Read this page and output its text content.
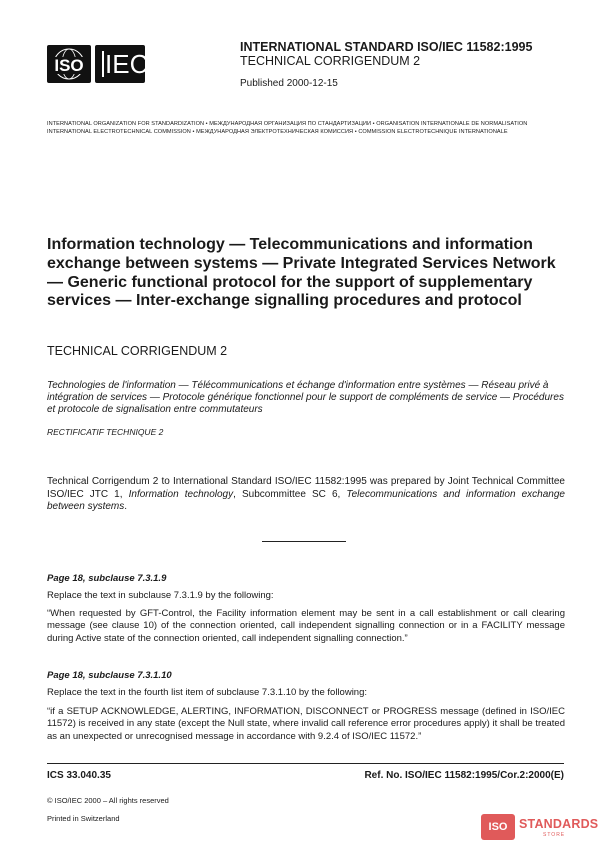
ISO IEC
INTERNATIONAL STANDARD ISO/IEC 11582:1995
TECHNICAL CORRIGENDUM 2
Published 2000-12-15
INTERNATIONAL ORGANIZATION FOR STANDARDIZATION • МЕЖДУНАРОДНАЯ ОРГАНИЗАЦИЯ ПО СТАНДАРТИЗАЦИИ • ORGANISATION INTERNATIONALE DE NORMALISATION
INTERNATIONAL ELECTROTECHNICAL COMMISSION • МЕЖДУНАРОДНАЯ ЭЛЕКТРОТЕХНИЧЕСКАЯ КОМИССИЯ • COMMISSION ELECTROTECHNIQUE INTERNATIONALE
Information technology — Telecommunications and information exchange between systems — Private Integrated Services Network — Generic functional protocol for the support of supplementary services — Inter-exchange signalling procedures and protocol
TECHNICAL CORRIGENDUM 2
Technologies de l'information — Télécommunications et échange d'information entre systèmes — Réseau privé à intégration de services — Protocole générique fonctionnel pour le support de compléments de service — Procédures et protocole de signalisation entre commutateurs
RECTIFICATIF TECHNIQUE 2
Technical Corrigendum 2 to International Standard ISO/IEC 11582:1995 was prepared by Joint Technical Committee ISO/IEC JTC 1, Information technology, Subcommittee SC 6, Telecommunications and information exchange between systems.
Page 18, subclause 7.3.1.9
Replace the text in subclause 7.3.1.9 by the following:
“When requested by GFT-Control, the Facility information element may be sent in a call establishment or call clearing message (see clause 10) of the connection oriented, call independent signalling connection or in a FACILITY message during Active state of the connection oriented, call independent signalling connection.”
Page 18, subclause 7.3.1.10
Replace the text in the fourth list item of subclause 7.3.1.10 by the following:
“if a SETUP ACKNOWLEDGE, ALERTING, INFORMATION, DISCONNECT or PROGRESS message (defined in ISO/IEC 11572) is received in any state (except the Null state, where invalid call reference error procedures apply) it shall be treated as an unexpected or unrecognised message in accordance with 9.2.4 of ISO/IEC 11572.”
ICS 33.040.35	Ref. No. ISO/IEC 11582:1995/Cor.2:2000(E)
© ISO/IEC 2000 – All rights reserved
Printed in Switzerland
ISO STANDARDS
STORE
